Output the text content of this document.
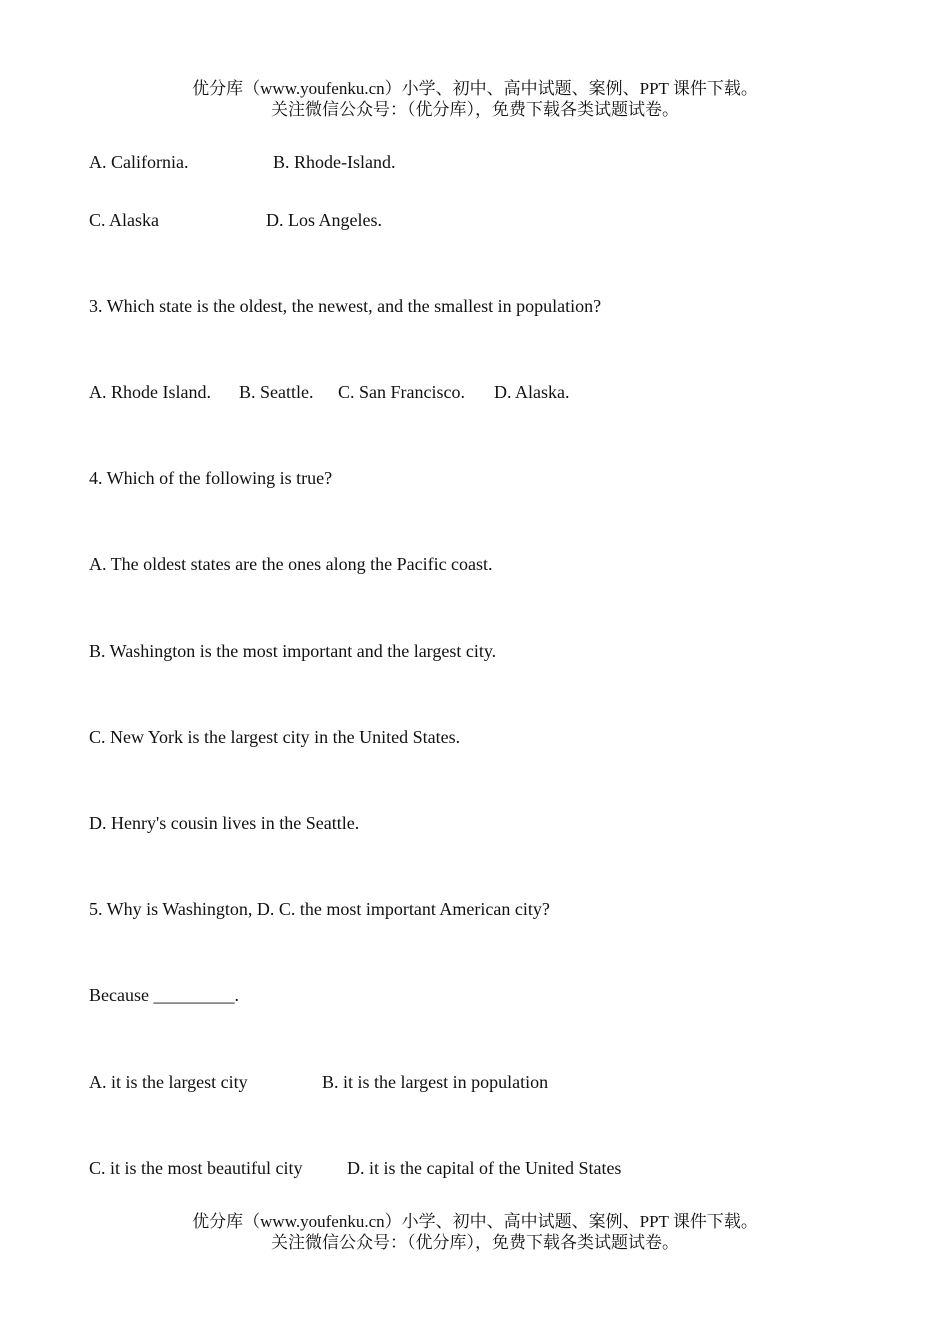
优分库（www.youfenku.cn）小学、初中、高中试题、案例、PPT 课件下载。
关注微信公众号：（优分库），免费下载各类试题试卷。
A. California.	B. Rhode-Island.
C. Alaska	D. Los Angeles.
3. Which state is the oldest, the newest, and the smallest in population?
A. Rhode Island. B. Seattle. C. San Francisco. D. Alaska.
4. Which of the following is true?
A. The oldest states are the ones along the Pacific coast.
B. Washington is the most important and the largest city.
C. New York is the largest city in the United States.
D. Henry's cousin lives in the Seattle.
5. Why is Washington, D. C. the most important American city?
Because _________.
A. it is the largest city	B. it is the largest in population
C. it is the most beautiful city D. it is the capital of the United States
优分库（www.youfenku.cn）小学、初中、高中试题、案例、PPT 课件下载。
关注微信公众号：（优分库），免费下载各类试题试卷。
